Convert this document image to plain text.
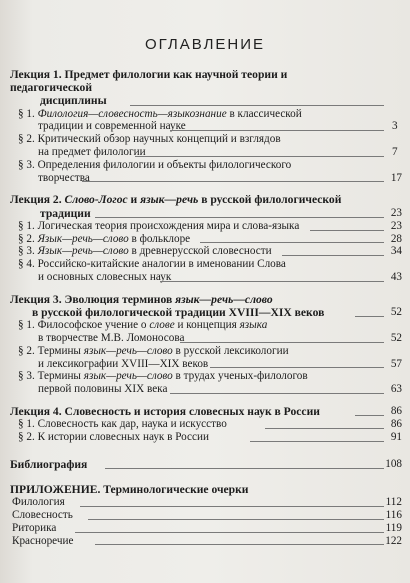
ОГЛАВЛЕНИЕ
Лекция 1. Предмет филологии как научной теории и педагогической
дисциплины
§ 1. Филология—словесность—языкознание в классической
традиции и современной науке	3
§ 2. Критический обзор научных концепций и взглядов
на предмет филологии	7
§ 3. Определения филологии и объекты филологического
творчества	17
Лекция 2. Слово-Логос и язык—речь в русской филологической
традиции	23
§ 1. Логическая теория происхождения мира и слова-языка	23
§ 2. Язык—речь—слово в фольклоре	28
§ 3. Язык—речь—слово в древнерусской словесности	34
§ 4. Российско-китайские аналогии в именовании Слова
и основных словесных наук	43
Лекция 3. Эволюция терминов язык—речь—слово
в русской филологической традиции XVIII—XIX веков	52
§ 1. Философское учение о слове и концепция языка
в творчестве М.В. Ломоносова	52
§ 2. Термины язык—речь—слово в русской лексикологии
и лексикографии XVIII—XIX веков	57
§ 3. Термины язык—речь—слово в трудах ученых-филологов
первой половины XIX века	63
Лекция 4. Словесность и история словесных наук в России	86
§ 1. Словесность как дар, наука и искусство	86
§ 2. К истории словесных наук в России	91
Библиография	108
ПРИЛОЖЕНИЕ. Терминологические очерки
Филология	112
Словесность	116
Риторика	119
Красноречие	122
